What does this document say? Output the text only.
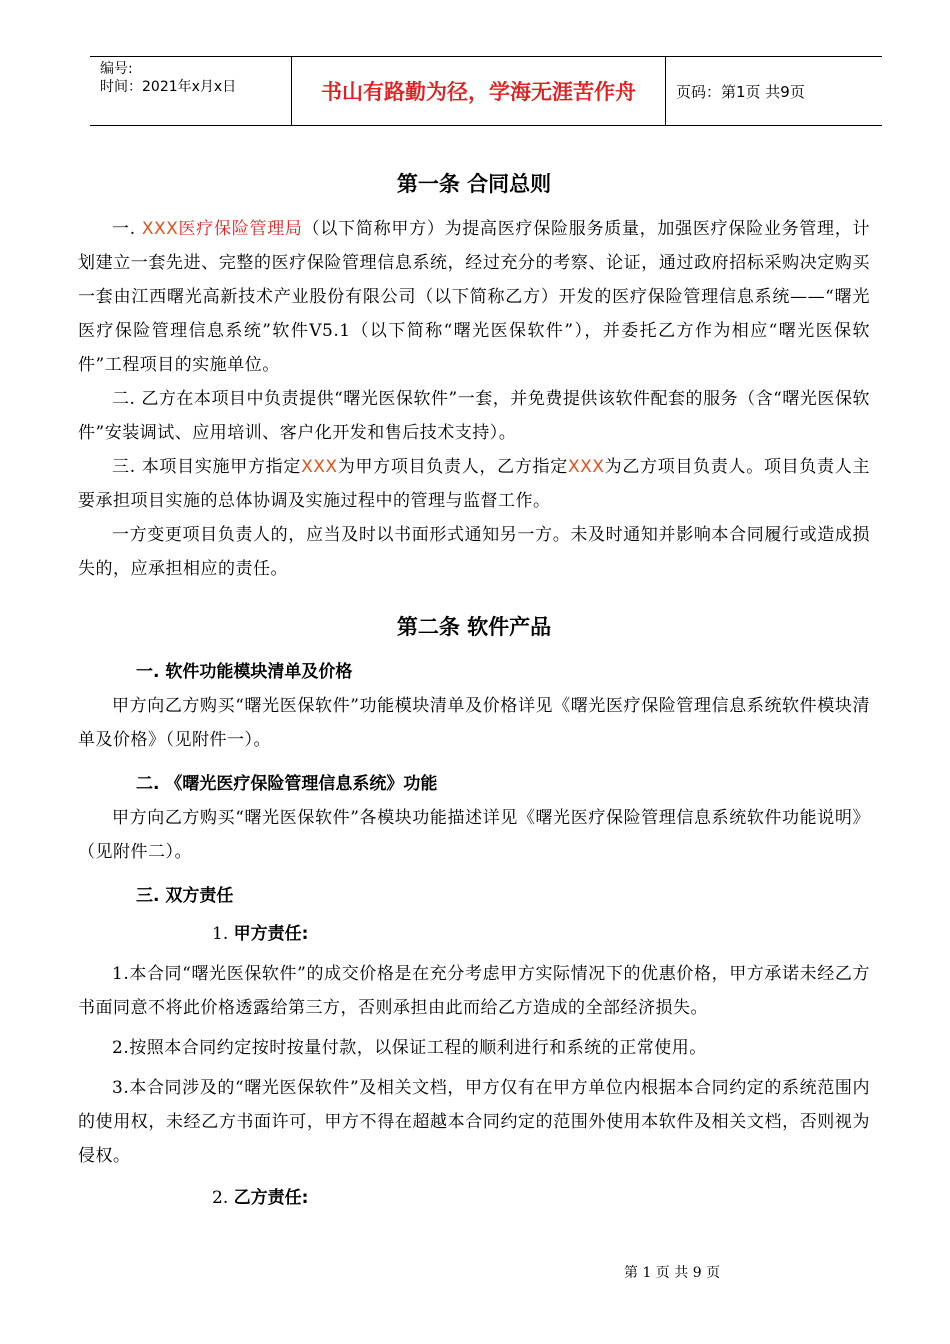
编号:
时间：2021年x月x日	书山有路勤为径，学海无涯苦作舟	页码：第1页 共9页
第一条 合同总则

一. XXX医疗保险管理局（以下简称甲方）为提高医疗保险服务质量，加强医疗保险业务管理，计划建立一套先进、完整的医疗保险管理信息系统，经过充分的考察、论证，通过政府招标采购决定购买一套由江西曙光高新技术产业股份有限公司（以下简称乙方）开发的医疗保险管理信息系统——“曙光医疗保险管理信息系统”软件V5.1（以下简称“曙光医保软件”），并委托乙方作为相应“曙光医保软件”工程项目的实施单位。

二. 乙方在本项目中负责提供“曙光医保软件”一套，并免费提供该软件配套的服务（含“曙光医保软件”安装调试、应用培训、客户化开发和售后技术支持）。

三. 本项目实施甲方指定XXX为甲方项目负责人，乙方指定XXX为乙方项目负责人。项目负责人主要承担项目实施的总体协调及实施过程中的管理与监督工作。

一方变更项目负责人的，应当及时以书面形式通知另一方。未及时通知并影响本合同履行或造成损失的，应承担相应的责任。

第二条 软件产品
一. 软件功能模块清单及价格

甲方向乙方购买“曙光医保软件”功能模块清单及价格详见《曙光医疗保险管理信息系统软件模块清单及价格》（见附件一）。

二. 《曙光医疗保险管理信息系统》功能

甲方向乙方购买“曙光医保软件”各模块功能描述详见《曙光医疗保险管理信息系统软件功能说明》（见附件二）。

三. 双方责任
1. 甲方责任:

1.本合同“曙光医保软件”的成交价格是在充分考虑甲方实际情况下的优惠价格，甲方承诺未经乙方书面同意不将此价格透露给第三方，否则承担由此而给乙方造成的全部经济损失。

2.按照本合同约定按时按量付款，以保证工程的顺利进行和系统的正常使用。

3.本合同涉及的“曙光医保软件”及相关文档，甲方仅有在甲方单位内根据本合同约定的系统范围内的使用权，未经乙方书面许可，甲方不得在超越本合同约定的范围外使用本软件及相关文档，否则视为侵权。

2. 乙方责任:
第 1 页 共 9 页
